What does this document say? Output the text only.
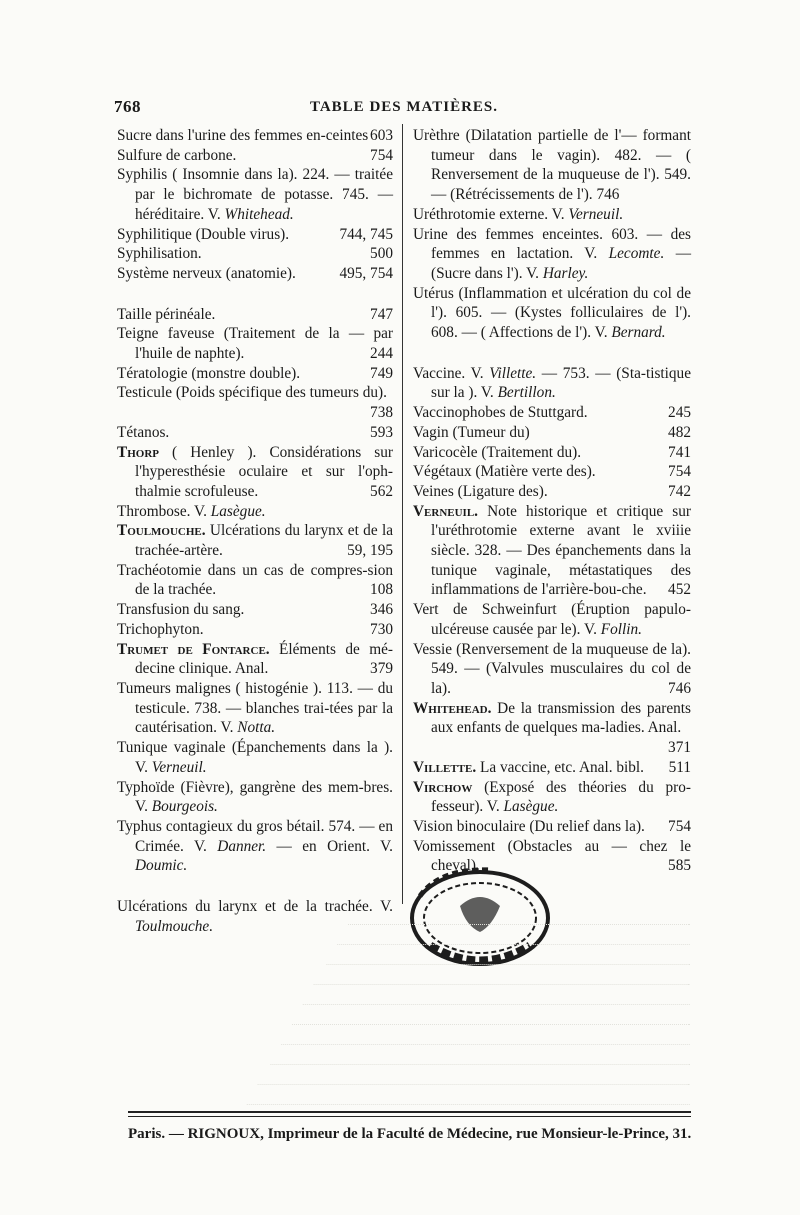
768	TABLE DES MATIÈRES.
Sucre dans l'urine des femmes en-ceintes 603
Sulfure de carbone.	754
Syphilis ( Insomnie dans la). 224. — traitée par le bichromate de potasse. 745. — héréditaire. V. Whitehead.
Syphilitique (Double virus).	744, 745
Syphilisation.	500
Système nerveux (anatomie).	495, 754
Taille périnéale.	747
Teigne faveuse (Traitement de la — par l'huile de naphte).	244
Tératologie (monstre double).	749
Testicule (Poids spécifique des tumeurs du).
738
Tétanos.	593
Thorp ( Henley ). Considérations sur l'hyperesthésie oculaire et sur l'oph-thalmie scrofuleuse.	562
Thrombose. V. Lasègue.
Toulmouche. Ulcérations du larynx et de la trachée-artère.	59, 195
Trachéotomie dans un cas de compres-sion de la trachée.	108
Transfusion du sang.	346
Trichophyton.	730
Trumet de Fontarce. Éléments de mé-decine clinique. Anal.	379
Tumeurs malignes ( histogénie ). 113. — du testicule. 738. — blanches trai-tées par la cautérisation. V. Notta.
Tunique vaginale (Épanchements dans la ). V. Verneuil.
Typhoïde (Fièvre), gangrène des mem-bres. V. Bourgeois.
Typhus contagieux du gros bétail. 574. — en Crimée. V. Danner. — en Orient. V. Doumic.
Ulcérations du larynx et de la trachée. V. Toulmouche.
Urèthre (Dilatation partielle de l'— formant tumeur dans le vagin). 482. — ( Renversement de la muqueuse de l'). 549. — (Rétrécissements de l'). 746
Uréthrotomie externe. V. Verneuil.
Urine des femmes enceintes. 603. — des femmes en lactation. V. Lecomte. — (Sucre dans l'). V. Harley.
Utérus (Inflammation et ulcération du col de l'). 605. — (Kystes folliculaires de l'). 608. — ( Affections de l'). V. Bernard.
Vaccine. V. Villette. — 753. — (Sta-tistique sur la ). V. Bertillon.
Vaccinophobes de Stuttgard.	245
Vagin (Tumeur du)	482
Varicocèle (Traitement du).	741
Végétaux (Matière verte des).	754
Veines (Ligature des).	742
Verneuil. Note historique et critique sur l'uréthrotomie externe avant le xviiie siècle. 328. — Des épanchements dans la tunique vaginale, métastatiques des inflammations de l'arrière-bou-che. 452
Vert de Schweinfurt (Éruption papulo-ulcéreuse causée par le). V. Follin.
Vessie (Renversement de la muqueuse de la). 549. — (Valvules musculaires du col de la).	746
Whitehead. De la transmission des parents aux enfants de quelques ma-ladies. Anal.
371
Villette. La vaccine, etc. Anal. bibl. 511
Virchow (Exposé des théories du pro-fesseur). V. Lasègue.
Vision binoculaire (Du relief dans la). 754
Vomissement (Obstacles au — chez le cheval).	585
Paris. — RIGNOUX, Imprimeur de la Faculté de Médecine, rue Monsieur-le-Prince, 31.
